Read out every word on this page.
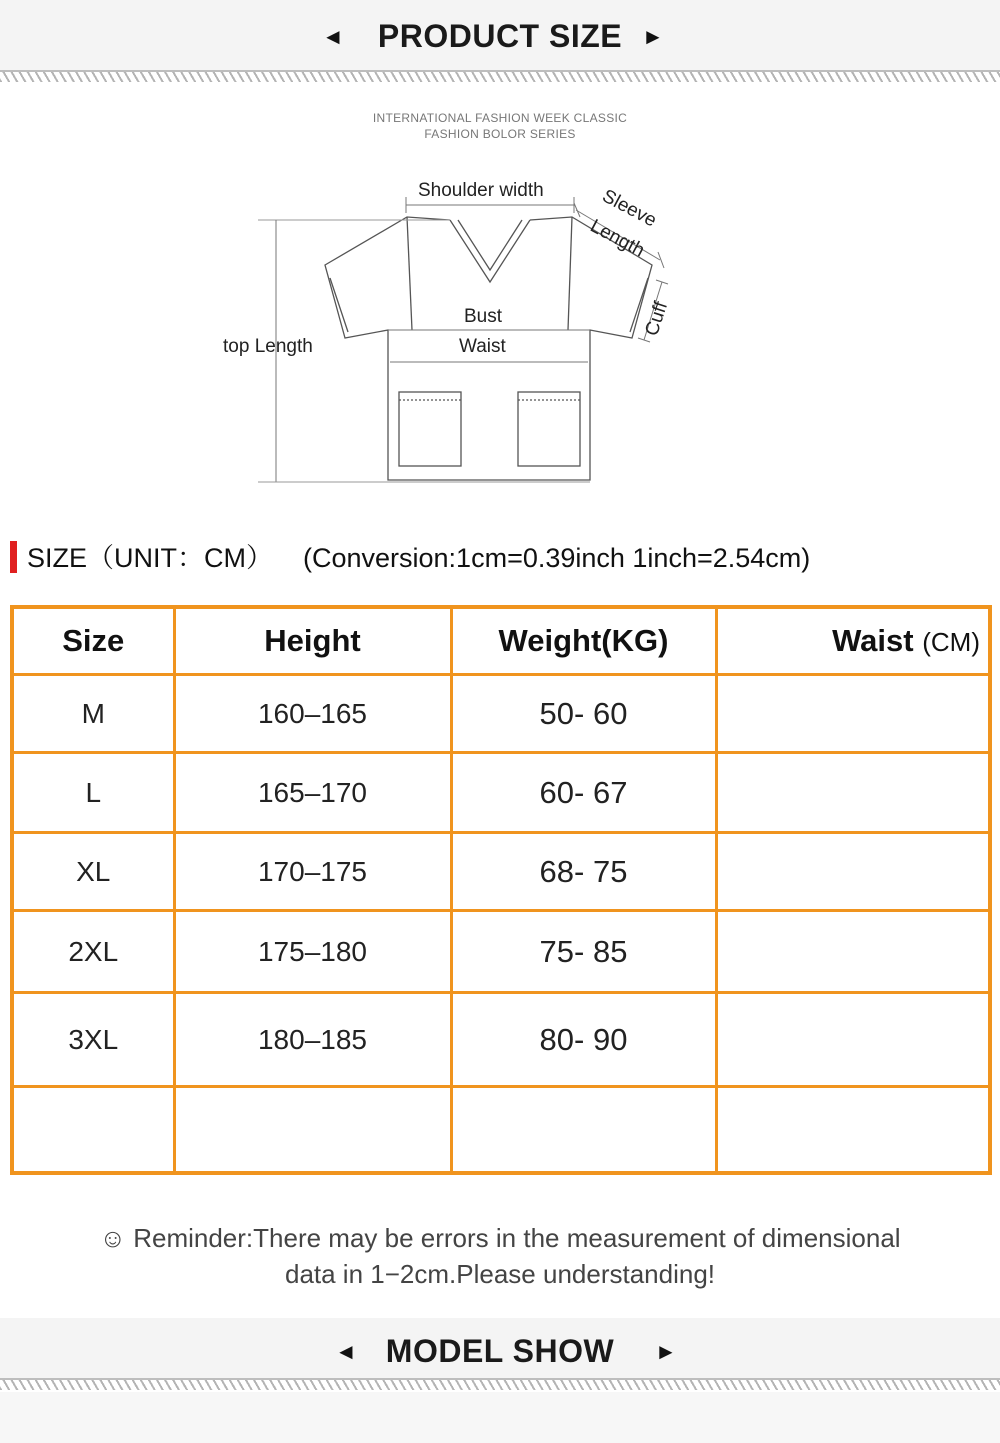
◄	PRODUCT SIZE ►
INTERNATIONAL FASHION WEEK CLASSIC
FASHION BOLOR SERIES
Shoulder width	Sleeve
Length
Cuff
Bust
Waist
top Length
SIZE（UNIT：CM） (Conversion:1cm=0.39inch 1inch=2.54cm)
Size	Height	Weight(KG)	Waist (CM)
M	160–165	50- 60	
L	165–170	60- 67	
XL	170–175	68- 75	
2XL	175–180	75- 85	
3XL	180–185	80- 90	

☺ Reminder:There may be errors in the measurement of dimensional
data in 1−2cm.Please understanding!
◄ MODEL SHOW	►
